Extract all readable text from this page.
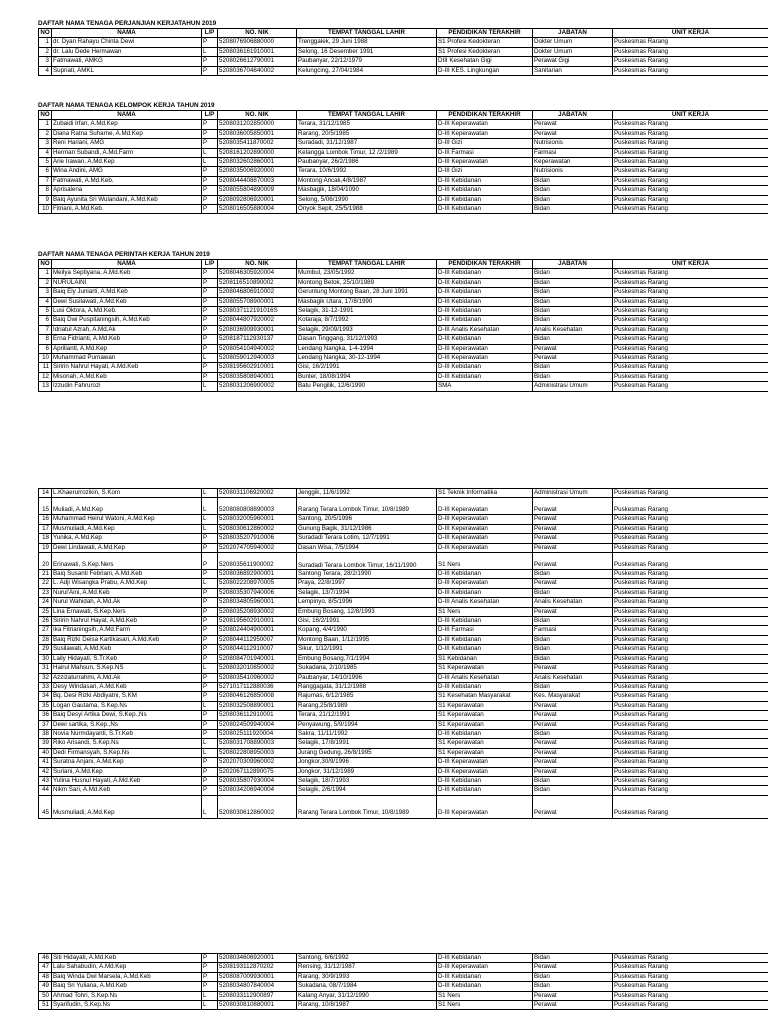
DAFTAR NAMA TENAGA PERJANJIAN KERJATAHUN 2019
NO	NAMA	L/P	NO. NIK	TEMPAT TANGGAL LAHIR	PENDIDIKAN TERAKHIR	JABATAN	UNIT KERJA
1	dr. Dyan Rahayu Chinta Dewi	P	5208076906880000	Trenggalek, 29 Juni 1988	S1 Profesi Kedokteran	Dokter Umum	Puskesmas Rarang
2	dr. Lalu Dede Hermawan	L	5208036161910001	Selong, 16 Desember 1991	S1 Profesi Kedokteran	Dokter Umum	Puskesmas Rarang
3	Fatmawati, AMKG	P	5208026612790001	Paubanyar, 22/12/1979	DIII Kesehatan Gigi	Perawat Gigi	Puskesmas Rarang
4	Supriati, AMKL	P	5208036704840002	Kelungcing, 27/04/1984	D-III KES. Lingkungan	Sanitarian	Puskesmas Rarang
DAFTAR NAMA TENAGA KELOMPOK KERJA TAHUN 2019
NO	NAMA	L/P	NO. NIK	TEMPAT TANGGAL LAHIR	PENDIDIKAN TERAKHIR	JABATAN	UNIT KERJA
1	Zubaidi Irfan, A.Md.Kep	P	5208031202850000	Terara, 31/12/1985	D-III Keperawatan	Perawat	Puskesmas Rarang
2	Diana Ratna Suharne, A.Md.Kep	P	5208036005850001	Rarang, 20/5/1985	D-III Keperawatan	Perawat	Puskesmas Rarang
3	Reni Hariani, AMG	P	5208035411870002	Suradadi, 31/12/1987	D-III Gizi	Nutrisionis	Puskesmas Rarang
4	Herman Subandi, A.Md.Farm	L	5208161202890000	Ketangga Lombok Timur, 12 /2/1989	D-III Farmasi	Farmasi	Puskesmas Rarang
5	Arie Irawan, A.Md.Kep	L	5208032602860001	Paubanyar, 26/2/1986	D-III Keperawatan	Keperawatan	Puskesmas Rarang
6	Wina Andini, AMG	P	5208035006920000	Terara, 10/6/1992	D-III Gizi	Nutrisionis	Puskesmas Rarang
7	Fatmawati, A.Md.Keb.	P	5208044408870003	Montong Ancak,4/8/1987	D-III Kebidanan	Bidan	Puskesmas Rarang
8	Aprisalena	P	5208055804890009	Masbagik, 18/04/1090	D-III Kebidanan	Bidan	Puskesmas Rarang
9	Baiq Ayunita Sri Wulandani, A.Md.Keb	P	5208092806920001	Selong, 5/06/1990	D-III Kebidanan	Bidan	Puskesmas Rarang
10	Fitriani, A.Md.Keb.	P	5208016505880004	Onyok Sepit, 25/5/1988	D-III Kebidanan	Bidan	Puskesmas Rarang
DAFTAR NAMA TENAGA PERINTAH KERJA TAHUN 2019
NO	NAMA	L/P	NO. NIK	TEMPAT TANGGAL LAHIR	PENDIDIKAN TERAKHIR	JABATAN	UNIT KERJA
1	Meilya Septiyana, A.Md.Keb	P	5208046305920004	Mumbul, 23/05/1992	D-III Kebidanan	Bidan	Puskesmas Rarang
2	NURULAINI	P	5208116510890002	Montong Betok, 25/10/1989	D-III Kebidanan	Bidan	Puskesmas Rarang
3	Baiq Ely Juniarti, A.Md.Keb	P	5208046806910002	Geruntung Montong Baan, 28 Juni 1991	D-III Kebidanan	Bidan	Puskesmas Rarang
4	Dewi Susilawati, A.Md.Keb	P	5208055708900001	Masbagik Utara, 17/8/1990	D-III Kebidanan	Bidan	Puskesmas Rarang
5	Lusi Oktora, A.Md.Keb.	P	5208037112191016S	Selagik, 31-12-1991	D-III Kebidanan	Bidan	Puskesmas Rarang
6	Baiq Dwi Puspitaningsih, A.Md.Keb	P	5208044807920002	Kotaraja, 8/7/1992	D-III Kebidanan	Bidan	Puskesmas Rarang
7	Idriatul Azrah, A.Md.Ak	P	5208036909930001	Selagik, 29/09/1993	D-III Analis Kesehatan	Analis Kesehatan	Puskesmas Rarang
8	Erna Fidrianti, A.Md.Keb	P	5208187112930137	Dasan Tinggang, 31/12/1993	D-III Kebidanan	Bidan	Puskesmas Rarang
6	Apriliantl, A.Md.Kep	P	5208054104940002	Lendang Nangka, 1-4-1994	D-III Keperawatan	Perawat	Puskesmas Rarang
10	Muhammad Purnawan	L	5208059012940003	Lendang Nangka, 30-12-1994	D-III Keperawatan	Perawat	Puskesmas Rarang
11	Siririn Nahrul Hayati, A.Md.Keb	P	5208195602910001	Gisi, 16/2/1991	D-III Kebidanan	Bidan	Puskesmas Rarang
12	Misonah, A.Md.Keb	P	5208035808940001	Bunter, 18/08/1994	D-III Kebidanan	Bidan	Puskesmas Rarang
13	Izzudin Fahrurozi	L	5208031206900002	Batu Pengilik, 12/6/1990	SMA	Administrasi Umum	Puskesmas Rarang
14	L.Khaerurrozikin, S.Kom	L	5208031106920002	Jenggik, 11/6/1992	S1 Teknik Informatika	Administrasi Umum	Puskesmas Rarang
15	Muliadi, A.Md.Kep	L	5208080808890003	Rarang Terara Lombok Timur, 10/8/1989	D-III Keperawatan	Perawat	Puskesmas Rarang
16	Muhammad Heirul Watoni, A.Md.Kep	L	5208032005960001	Santong, 20/5/1996	D-III Keperawatan	Perawat	Puskesmas Rarang
17	Musmuliadi, A.Md.Kep	L	5208030612860002	Gunung Bagik, 31/12/1986	D-III Keperawatan	Perawat	Puskesmas Rarang
18	Yunika, A.Md.Kep	P	5208035207910006	Suradadi Terara Lotim, 12/7/1991	D-III Keperawatan	Perawat	Puskesmas Rarang
19	Dewi Lindawati, A.Md.Kep	P	5202074705940002	Dasan Wisa, 7/5/1994	D-III Keperawatan	Perawat	Puskesmas Rarang
20	Erinawati, S.Kep.Ners	P	5208035611900002	Suradadi Terara Lombok Timur, 16/11/1990	S1 Ners	Perawat	Puskesmas Rarang
21	Baiq Susanti Febriani, A.Md.Keb	P	5208036892900001	Santong Terara, 28/2/1990	D-III Kebidanan	Bidan	Puskesmas Rarang
22	L. Adji Wisangka Prabu, A.Md.Kep	L	5208022208970005	Praya, 22/8/1997	D-III Keperawatan	Perawat	Puskesmas Rarang
23	Nurul'Aini, A.Md.Keb	P	5208035307940006	Selagik, 13/7/1994	D-III Kebidanan	Bidan	Puskesmas Rarang
24	Nurul Wahidah, A.Md.Ak	P	5208034805960001	Lempinyo, 8/5/1996	D-III Analis Kesehatan	Analis Kesehatan	Puskesmas Rarang
25	Lina Ernawati, S.Kep.Ners	P	5208035208930002	Embung Bosang, 12/8/1993	S1 Ners	Perawat	Puskesmas Rarang
26	Siririn Nahrul Hayat, A.Md.Keb	P	5208195602910001	Gisi, 16/2/1991	D-III Kebidanan	Bidan	Puskesmas Rarang
27	Ika Fitrianingsih, A.Md.Farm	P	5208024404900001	Kopang, 4/4/1990	D-III Farmasi	Farmasi	Puskesmas Rarang
28	Baiq Rizki Deisa Kartikasari, A.Md.Keb	P	5208044112950007	Montong Baan, 1/12/1995	D-III Kebidanan	Bidan	Puskesmas Rarang
29	Susilawati, A.Md.Keb	P	5208044112910007	Sikur, 1/12/1991	D-III Kebidanan	Bidan	Puskesmas Rarang
30	Laily Hidayati, S.Tr.Keb	P	5208084701940001	Embung Bosang,7/1/1994	S1 Kebidanan	Bidan	Puskesmas Rarang
31	Hairul Mahsun, S.Kep.NS	L	5208032010850002	Sukadana, 2/10/1985	S1 Keperawatan	Perawat	Puskesmas Rarang
32	Azzizaturrahmi, A.Md.Ak	P	5208035410960002	Paubanyar, 14/10/1996	D-III Analis Kesehatan	Analis Kesehatan	Puskesmas Rarang
33	Desy Windasari, A.Md.Keb	P	5271017112880036	Ranggagata, 31/12/1988	D-III Kebidanan	Bidan	Puskesmas Rarang
34	Bq. Desi Rizki Abdiyatni, S.KM	P	5208046126850008	Rajumas, 6/12/1985	S1 Kesehatan Masyarakat	Kes. Masyarakat	Puskesmas Rarang
35	Logan Gautama, S.Kep.Ns	L	5208032508890001	Rarang,25/8/1989	S1 Keperawatan	Perawat	Puskesmas Rarang
36	Baiq Desyi Artika Dewi, S.Kep.,Ns	P	5208036112910001	Terara, 21/12/1991	S1 Keperawatan	Perawat	Puskesmas Rarang
37	Dewi sartika, S.Kep.,Ns	P	5208024509940004	Penyawung, 5/9/1994	S1 Keperawatan	Perawat	Puskesmas Rarang
38	Novia Nurmdayanti, S.Tr.Keb	P	5208025111920004	Sakra, 11/11/1992	D-III Kebidanan	Bidan	Puskesmas Rarang
39	Riko Arisandi, S.Kep.Ns	L	5208031708890003	Selagik, 17/8/1991	S1 Keperawatan	Perawat	Puskesmas Rarang
40	Dedi Firmansyah, S.Kep.Ns	L	5208022808950003	Jurang Gedung, 26/8/1995	S1 Keperawatan	Perawat	Puskesmas Rarang
41	Suratna Anjani, A.Md.Kep	P	5202070309960002	Jongkor,30/9/1996	D-III Keperawatan	Perawat	Puskesmas Rarang
42	Suriani, A.Md.Kep	P	5202067112890075	Jongkor, 31/12/1989	D-III Keperawatan	Perawat	Puskesmas Rarang
43	Yulina Husnul Hayati, A.Md.Keb	P	5208035807930004	Selagik, 18/7/1993	D-III Kebidanan	Bidan	Puskesmas Rarang
44	Nikm Sari, A.Md.Keb	P	5208034206940004	Selagik, 2/6/1994	D-III Kebidanan	Bidan	Puskesmas Rarang
45	Musmuliadi, A.Md.Kep	L	5208030612860002	Rarang Terara Lombok Timur, 10/8/1989	D-III Keperawatan	Perawat	Puskesmas Rarang
46	Siti Hidayati, A.Md.Keb	P	5208034606920001	Santong, 6/6/1992	D-III Kebidanan	Bidan	Puskesmas Rarang
47	Lalu Sahabudin, A.Md.Kep	P	5208193112870202	Rensing, 31/12/1987	D-III Keperawatan	Perawat	Puskesmas Rarang
48	Baiq Winda Dwi Marsela, A.Md.Keb	P	5208087009930001	Rarang, 30/9/1993	D-III Kebidanan	Bidan	Puskesmas Rarang
49	Baiq Sri Yuliana, A.Md.Keb	P	5208034807840004	Sukadana, 08/7/1984	D-III Kebidanan	Bidan	Puskesmas Rarang
50	Ahmad Tohri, S.Kep.Ns	L	5208033112900897	Kalang Anyar, 31/12/1990	S1 Ners	Perawat	Puskesmas Rarang
51	Syarifudin, S.Kep.Ns	L	5208030810880001	Rarang, 10/8/1987	S1 Ners	Perawat	Puskesmas Rarang
